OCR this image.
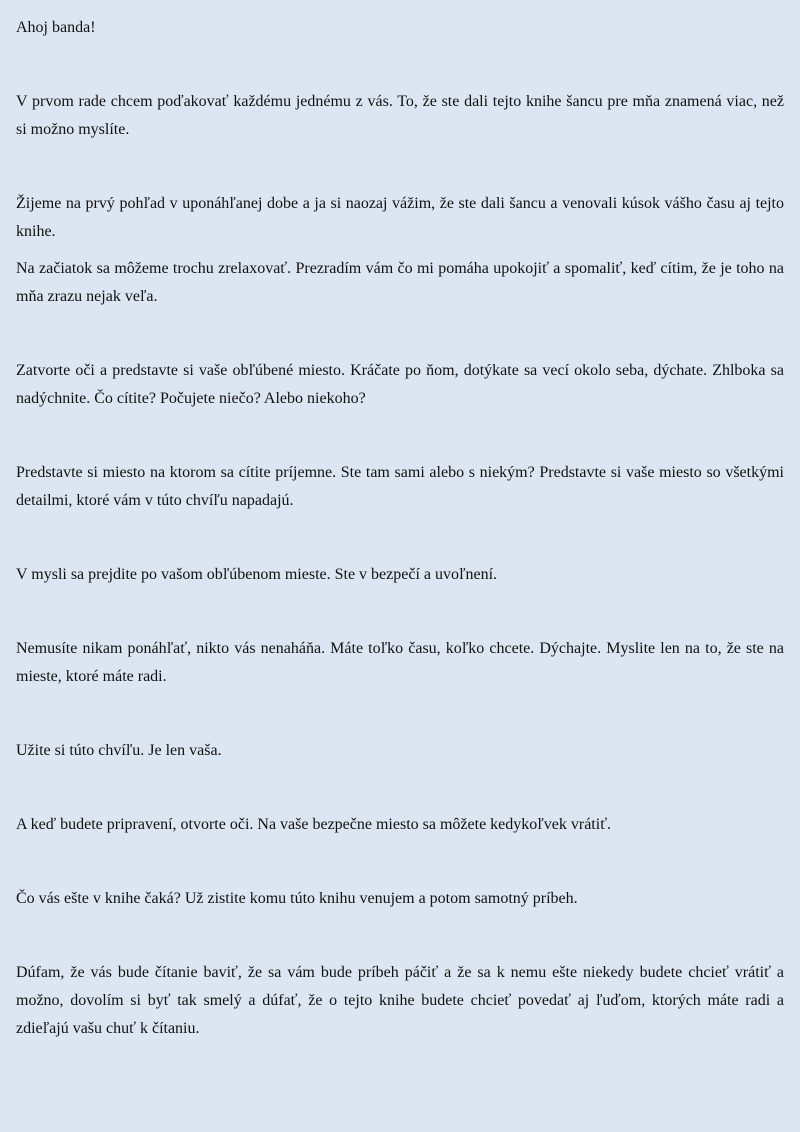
Ahoj banda!

V prvom rade chcem poďakovať každému jednému z vás. To, že ste dali tejto knihe šancu pre mňa znamená viac, než si možno myslíte.

Žijeme na prvý pohľad v uponáhľanej dobe a ja si naozaj vážim, že ste dali šancu a venovali kúsok vášho času aj tejto knihe.

Na začiatok sa môžeme trochu zrelaxovať. Prezradím vám čo mi pomáha upokojiť a spomaliť, keď cítim, že je toho na mňa zrazu nejak veľa.

Zatvorte oči a predstavte si vaše obľúbené miesto. Kráčate po ňom, dotýkate sa vecí okolo seba, dýchate. Zhlboka sa nadýchnite. Čo cítite? Počujete niečo? Alebo niekoho?

Predstavte si miesto na ktorom sa cítite príjemne. Ste tam sami alebo s niekým? Predstavte si vaše miesto so všetkými detailmi, ktoré vám v túto chvíľu napadajú.

V mysli sa prejdite po vašom obľúbenom mieste. Ste v bezpečí a uvoľnení.

Nemusíte nikam ponáhľať, nikto vás nenaháňa. Máte toľko času, koľko chcete. Dýchajte. Myslite len na to, že ste na mieste, ktoré máte radi.

Užite si túto chvíľu. Je len vaša.

A keď budete pripravení, otvorte oči. Na vaše bezpečne miesto sa môžete kedykoľvek vrátiť.

Čo vás ešte v knihe čaká? Už zistite komu túto knihu venujem a potom samotný príbeh.

Dúfam, že vás bude čítanie baviť, že sa vám bude príbeh páčiť a že sa k nemu ešte niekedy budete chcieť vrátiť a možno, dovolím si byť tak smelý a dúfať, že o tejto knihe budete chcieť povedať aj ľuďom, ktorých máte radi a zdieľajú vašu chuť k čítaniu.
